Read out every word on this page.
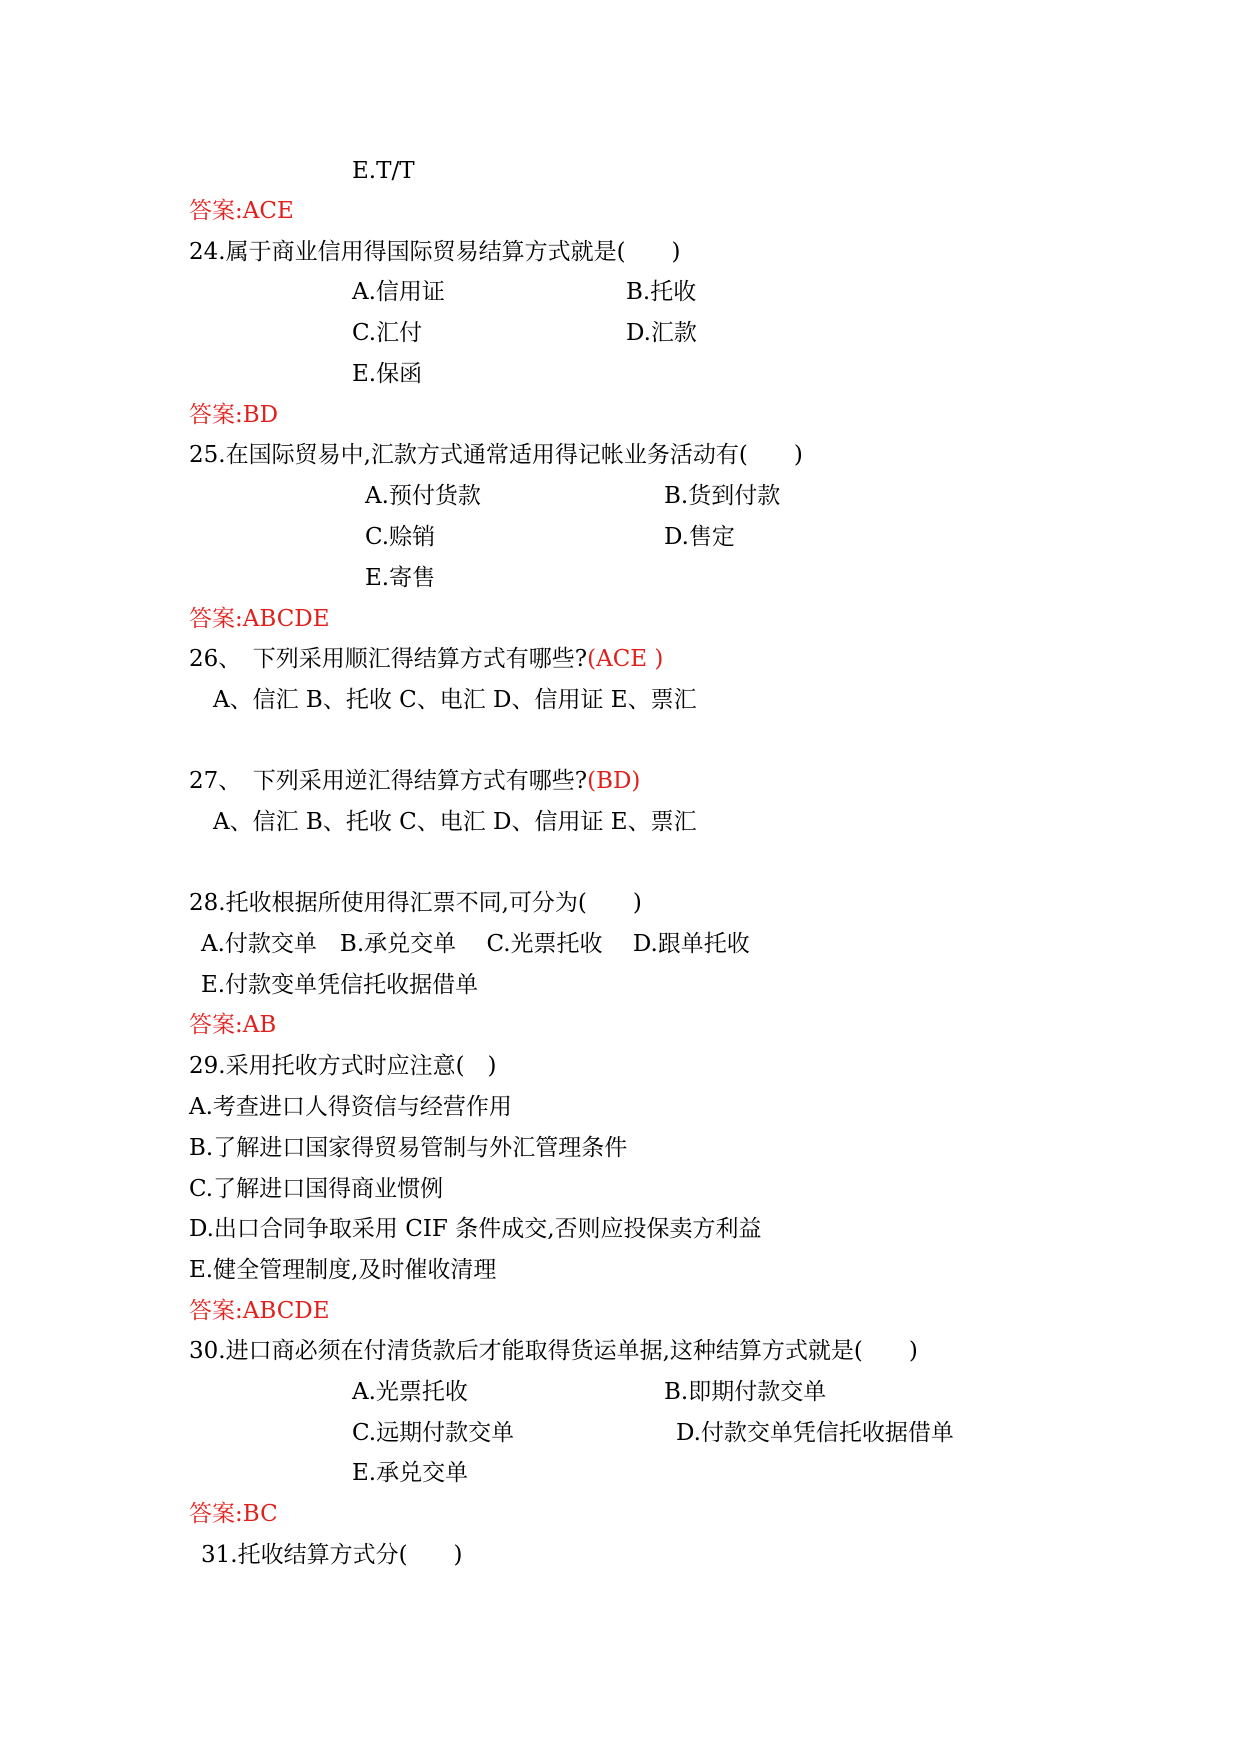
E.T/T
答案:ACE
24.属于商业信用得国际贸易结算方式就是(　　)
A.信用证	B.托收
C.汇付	D.汇款
E.保函
答案:BD
25.在国际贸易中,汇款方式通常适用得记帐业务活动有(　　)
A.预付货款	B.货到付款
C.赊销	D.售定
E.寄售
答案:ABCDE
26、　下列采用顺汇得结算方式有哪些?(ACE )
A、信汇 B、托收 C、电汇 D、信用证 E、票汇
27、　下列采用逆汇得结算方式有哪些?(BD)
A、信汇 B、托收 C、电汇 D、信用证 E、票汇
28.托收根据所使用得汇票不同,可分为(　　)
A.付款交单　B.承兑交单　 C.光票托收　 D.跟单托收
E.付款变单凭信托收据借单
答案:AB
29.采用托收方式时应注意(　)
A.考查进口人得资信与经营作用
B.了解进口国家得贸易管制与外汇管理条件
C.了解进口国得商业惯例
D.出口合同争取采用 CIF 条件成交,否则应投保卖方利益
E.健全管理制度,及时催收清理
答案:ABCDE
30.进口商必须在付清货款后才能取得货运单据,这种结算方式就是(　　)
A.光票托收	B.即期付款交单
C.远期付款交单	D.付款交单凭信托收据借单
E.承兑交单
答案:BC
31.托收结算方式分(　　)
